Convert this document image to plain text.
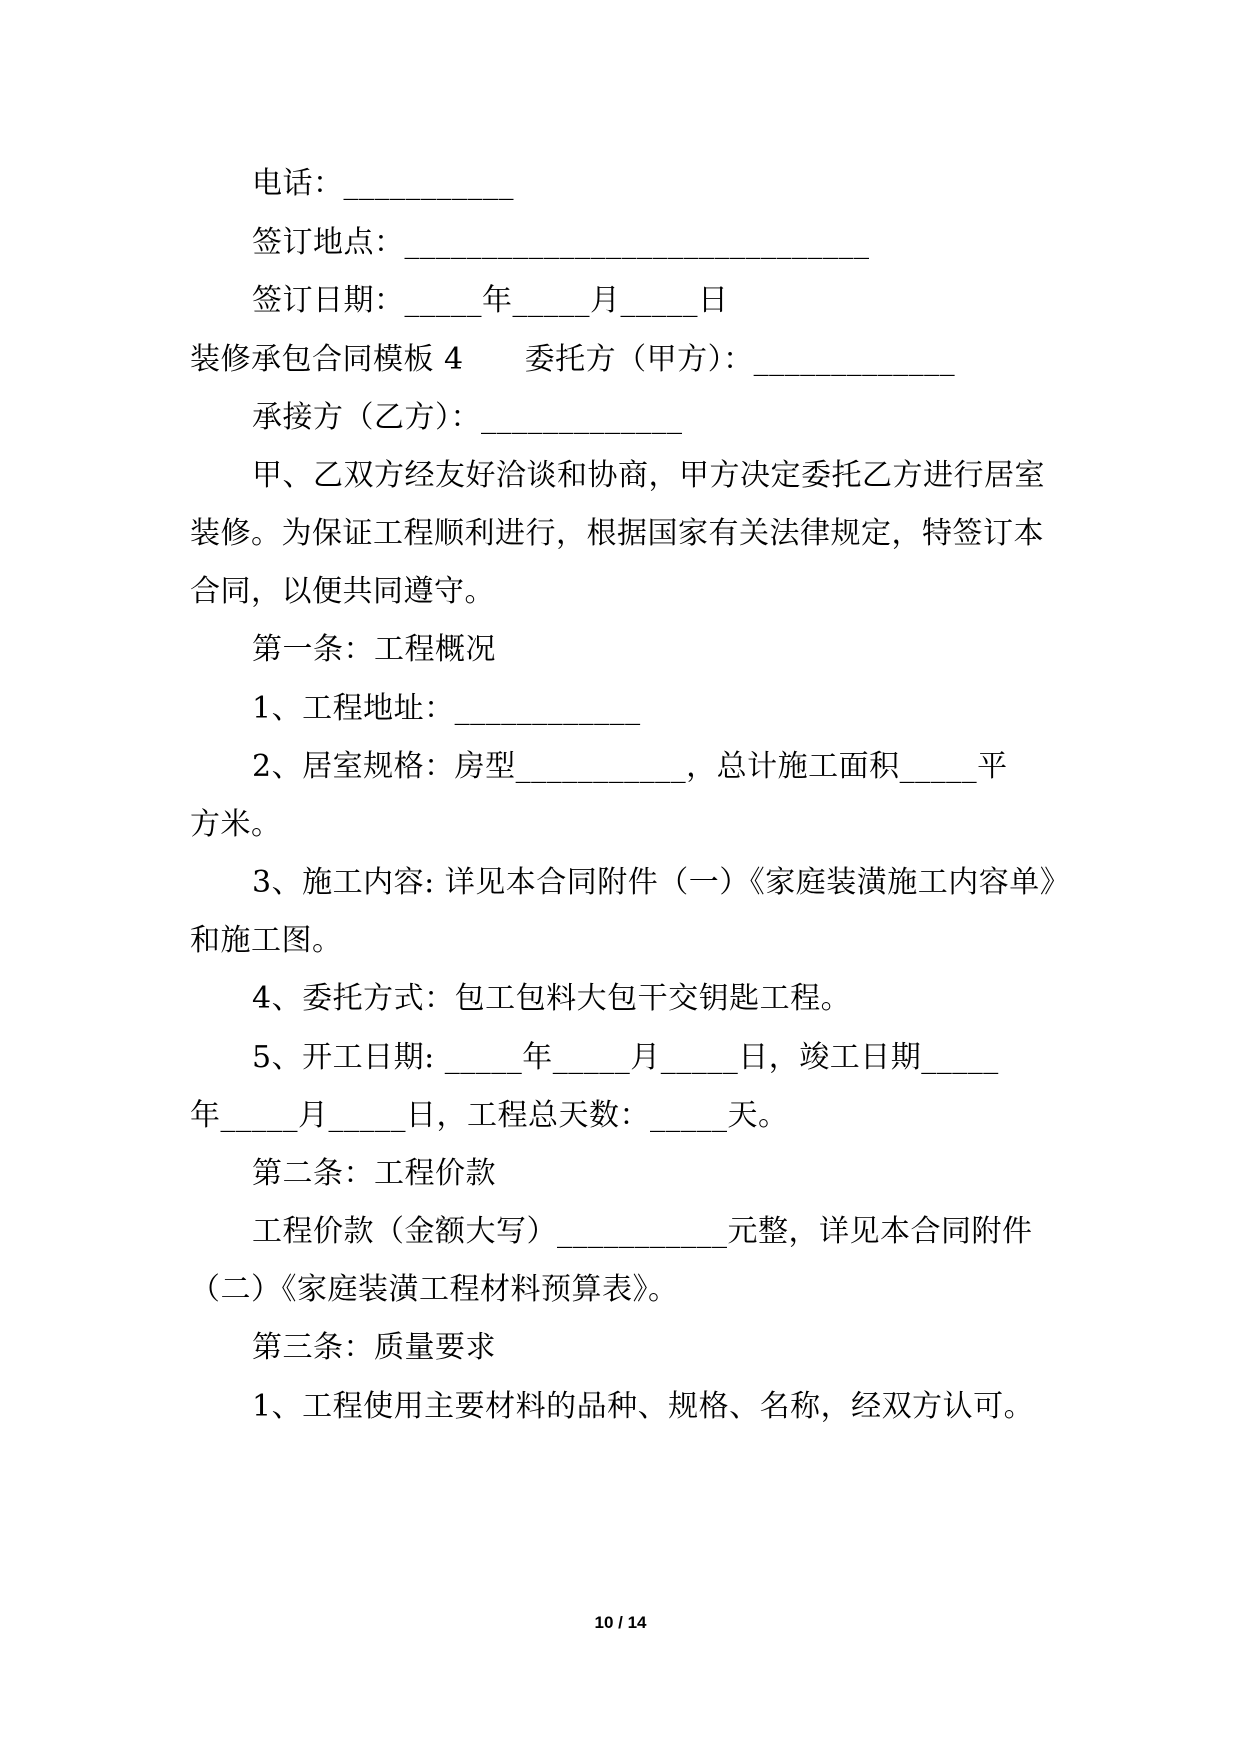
电话：___________
签订地点：______________________________
签订日期：_____年_____月_____日
装修承包合同模板 4　　委托方（甲方）：_____________
承接方（乙方）：_____________
甲、乙双方经友好洽谈和协商，甲方决定委托乙方进行居室
装修。为保证工程顺利进行，根据国家有关法律规定，特签订本
合同，以便共同遵守。
第一条：工程概况
1、工程地址：____________
2、居室规格：房型___________，总计施工面积_____平
方米。
3、施工内容: 详见本合同附件（一）《家庭装潢施工内容单》
和施工图。
4、委托方式：包工包料大包干交钥匙工程。
5、开工日期: _____年_____月_____日，竣工日期_____
年_____月_____日，工程总天数：_____天。
第二条：工程价款
工程价款（金额大写）___________元整，详见本合同附件
（二）《家庭装潢工程材料预算表》。
第三条：质量要求
1、工程使用主要材料的品种、规格、名称，经双方认可。
10 / 14
